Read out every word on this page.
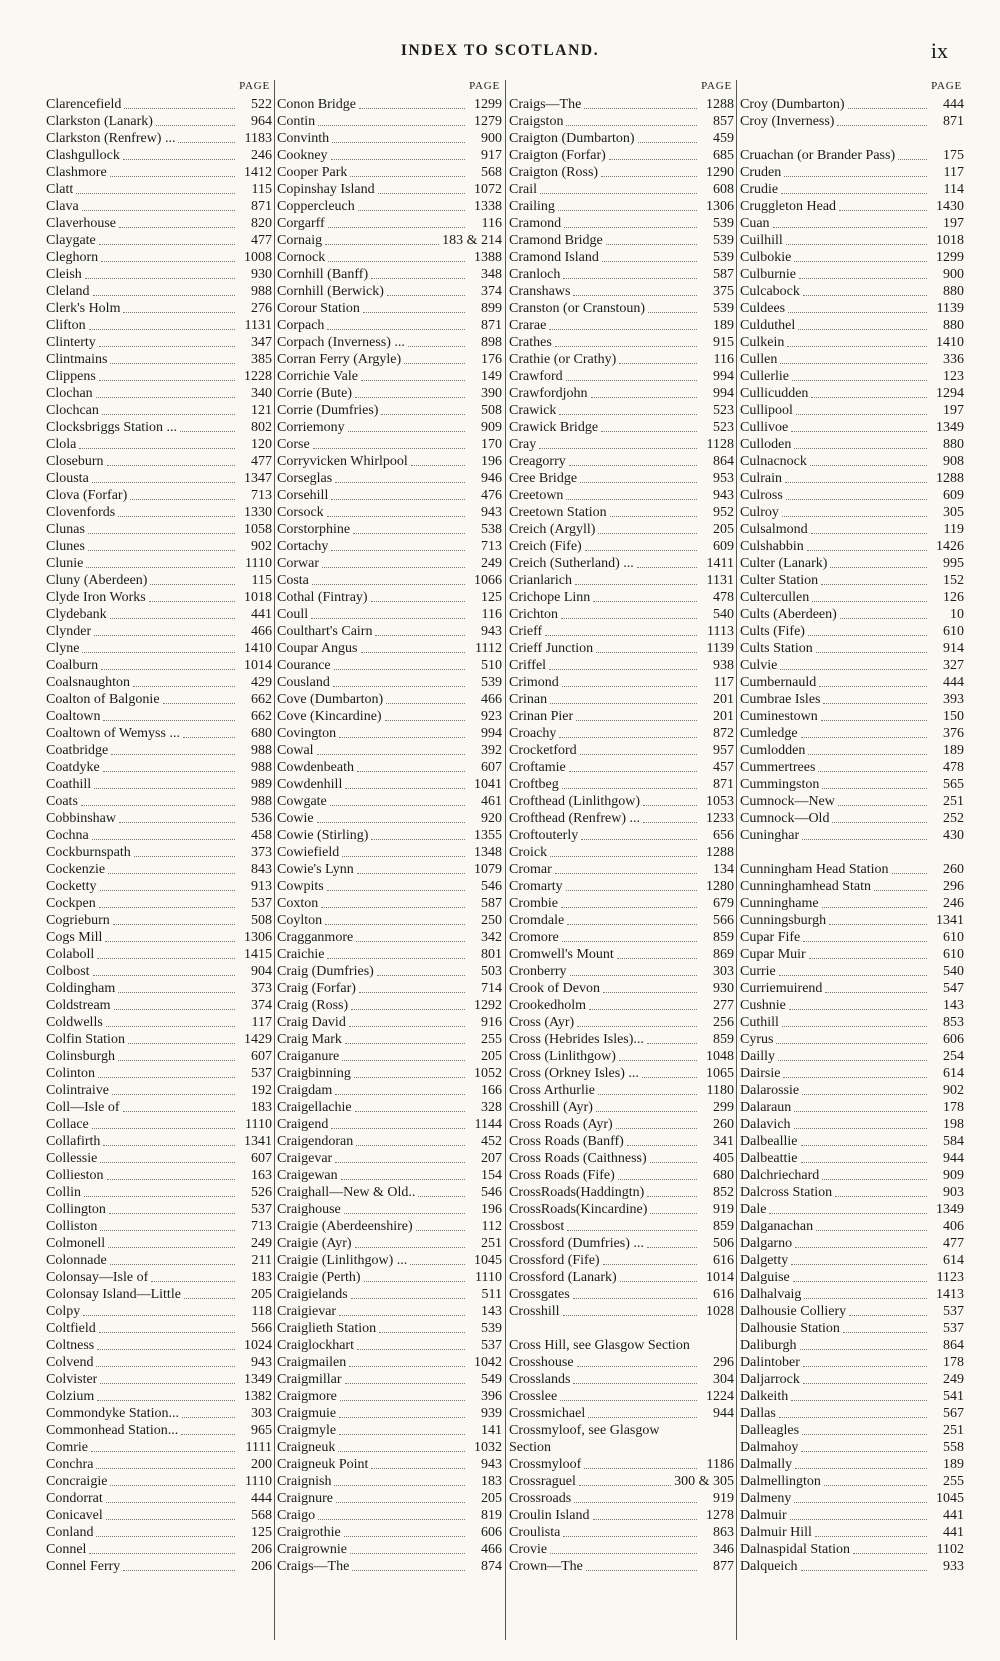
INDEX TO SCOTLAND.	ix
PAGE
Clarencefield	522
Clarkston (Lanark)	964
Clarkston (Renfrew) ...	1183
Clashgullock	246
Clashmore	1412
Clatt	115
Clava	871
Claverhouse	820
Claygate	477
Cleghorn	1008
Cleish	930
Cleland	988
Clerk's Holm	276
Clifton	1131
Clinterty	347
Clintmains	385
Clippens	1228
Clochan	340
Clochcan	121
Clocksbriggs Station ...	802
Clola	120
Closeburn	477
Clousta	1347
Clova (Forfar)	713
Clovenfords	1330
Clunas	1058
Clunes	902
Clunie	1110
Cluny (Aberdeen)	115
Clyde Iron Works	1018
Clydebank	441
Clynder	466
Clyne	1410
Coalburn	1014
Coalsnaughton	429
Coalton of Balgonie	662
Coaltown	662
Coaltown of Wemyss ...	680
Coatbridge	988
Coatdyke	988
Coathill	989
Coats	988
Cobbinshaw	536
Cochna	458
Cockburnspath	373
Cockenzie	843
Cocketty	913
Cockpen	537
Cogrieburn	508
Cogs Mill	1306
Colaboll	1415
Colbost	904
Coldingham	373
Coldstream	374
Coldwells	117
Colfin Station	1429
Colinsburgh	607
Colinton	537
Colintraive	192
Coll—Isle of	183
Collace	1110
Collafirth	1341
Collessie	607
Collieston	163
Collin	526
Collington	537
Colliston	713
Colmonell	249
Colonnade	211
Colonsay—Isle of	183
Colonsay Island—Little	205
Colpy	118
Coltfield	566
Coltness	1024
Colvend	943
Colvister	1349
Colzium	1382
Commondyke Station...	303
Commonhead Station...	965
Comrie	1111
Conchra	200
Concraigie	1110
Condorrat	444
Conicavel	568
Conland	125
Connel	206
Connel Ferry	206
PAGE
Conon Bridge	1299
Contin	1279
Convinth	900
Cookney	917
Cooper Park	568
Copinshay Island	1072
Coppercleuch	1338
Corgarff	116
Cornaig	183 & 214
Cornock	1388
Cornhill (Banff)	348
Cornhill (Berwick)	374
Corour Station	899
Corpach	871
Corpach (Inverness) ...	898
Corran Ferry (Argyle)	176
Corrichie Vale	149
Corrie (Bute)	390
Corrie (Dumfries)	508
Corriemony	909
Corse	170
Corryvicken Whirlpool	196
Corseglas	946
Corsehill	476
Corsock	943
Corstorphine	538
Cortachy	713
Corwar	249
Costa	1066
Cothal (Fintray)	125
Coull	116
Coulthart's Cairn	943
Coupar Angus	1112
Courance	510
Cousland	539
Cove (Dumbarton)	466
Cove (Kincardine)	923
Covington	994
Cowal	392
Cowdenbeath	607
Cowdenhill	1041
Cowgate	461
Cowie	920
Cowie (Stirling)	1355
Cowiefield	1348
Cowie's Lynn	1079
Cowpits	546
Coxton	587
Coylton	250
Cragganmore	342
Craichie	801
Craig (Dumfries)	503
Craig (Forfar)	714
Craig (Ross)	1292
Craig David	916
Craig Mark	255
Craiganure	205
Craigbinning	1052
Craigdam	166
Craigellachie	328
Craigend	1144
Craigendoran	452
Craigevar	207
Craigewan	154
Craighall—New & Old..	546
Craighouse	196
Craigie (Aberdeenshire)	112
Craigie (Ayr)	251
Craigie (Linlithgow) ...	1045
Craigie (Perth)	1110
Craigielands	511
Craigievar	143
Craiglieth Station	539
Craiglockhart	537
Craigmailen	1042
Craigmillar	549
Craigmore	396
Craigmuie	939
Craigmyle	141
Craigneuk	1032
Craigneuk Point	943
Craignish	183
Craignure	205
Craigo	819
Craigrothie	606
Craigrownie	466
Craigs—The	874
PAGE
Craigs—The	1288
Craigston	857
Craigton (Dumbarton)	459
Craigton (Forfar)	685
Craigton (Ross)	1290
Crail	608
Crailing	1306
Cramond	539
Cramond Bridge	539
Cramond Island	539
Cranloch	587
Cranshaws	375
Cranston (or Cranstoun)	539
Crarae	189
Crathes	915
Crathie (or Crathy)	116
Crawford	994
Crawfordjohn	994
Crawick	523
Crawick Bridge	523
Cray	1128
Creagorry	864
Cree Bridge	953
Creetown	943
Creetown Station	952
Creich (Argyll)	205
Creich (Fife)	609
Creich (Sutherland) ...	1411
Crianlarich	1131
Crichope Linn	478
Crichton	540
Crieff	1113
Crieff Junction	1139
Criffel	938
Crimond	117
Crinan	201
Crinan Pier	201
Croachy	872
Crocketford	957
Croftamie	457
Croftbeg	871
Crofthead (Linlithgow)	1053
Crofthead (Renfrew) ...	1233
Croftouterly	656
Croick	1288
Cromar	134
Cromarty	1280
Crombie	679
Cromdale	566
Cromore	859
Cromwell's Mount	869
Cronberry	303
Crook of Devon	930
Crookedholm	277
Cross (Ayr)	256
Cross (Hebrides Isles)...	859
Cross (Linlithgow)	1048
Cross (Orkney Isles) ...	1065
Cross Arthurlie	1180
Crosshill (Ayr)	299
Cross Roads (Ayr)	260
Cross Roads (Banff)	341
Cross Roads (Caithness)	405
Cross Roads (Fife)	680
CrossRoads(Haddingtn)	852
CrossRoads(Kincardine)	919
Crossbost	859
Crossford (Dumfries) ...	506
Crossford (Fife)	616
Crossford (Lanark)	1014
Crossgates	616
Crosshill	1028
Cross Hill, see Glasgow Section
Crosshouse	296
Crosslands	304
Crosslee	1224
Crossmichael	944
Crossmyloof, see Glasgow Section
Crossmyloof	1186
Crossraguel	300 & 305
Crossroads	919
Croulin Island	1278
Croulista	863
Crovie	346
Crown—The	877
PAGE
Croy (Dumbarton)	444
Croy (Inverness)	871
Cruachan (or Brander Pass)	175
Cruden	117
Crudie	114
Cruggleton Head	1430
Cuan	197
Cuilhill	1018
Culbokie	1299
Culburnie	900
Culcabock	880
Culdees	1139
Culduthel	880
Culkein	1410
Cullen	336
Cullerlie	123
Cullicudden	1294
Cullipool	197
Cullivoe	1349
Culloden	880
Culnacnock	908
Culrain	1288
Culross	609
Culroy	305
Culsalmond	119
Culshabbin	1426
Culter (Lanark)	995
Culter Station	152
Cultercullen	126
Cults (Aberdeen)	10
Cults (Fife)	610
Cults Station	914
Culvie	327
Cumbernauld	444
Cumbrae Isles	393
Cuminestown	150
Cumledge	376
Cumlodden	189
Cummertrees	478
Cummingston	565
Cumnock—New	251
Cumnock—Old	252
Cuninghar	430
Cunningham Head Station	260
Cunninghamhead Statn	296
Cunninghame	246
Cunningsburgh	1341
Cupar Fife	610
Cupar Muir	610
Currie	540
Curriemuirend	547
Cushnie	143
Cuthill	853
Cyrus	606
Dailly	254
Dairsie	614
Dalarossie	902
Dalaraun	178
Dalavich	198
Dalbeallie	584
Dalbeattie	944
Dalchriechard	909
Dalcross Station	903
Dale	1349
Dalganachan	406
Dalgarno	477
Dalgetty	614
Dalguise	1123
Dalhalvaig	1413
Dalhousie Colliery	537
Dalhousie Station	537
Daliburgh	864
Dalintober	178
Daljarrock	249
Dalkeith	541
Dallas	567
Dalleagles	251
Dalmahoy	558
Dalmally	189
Dalmellington	255
Dalmeny	1045
Dalmuir	441
Dalmuir Hill	441
Dalnaspidal Station	1102
Dalqueich	933
